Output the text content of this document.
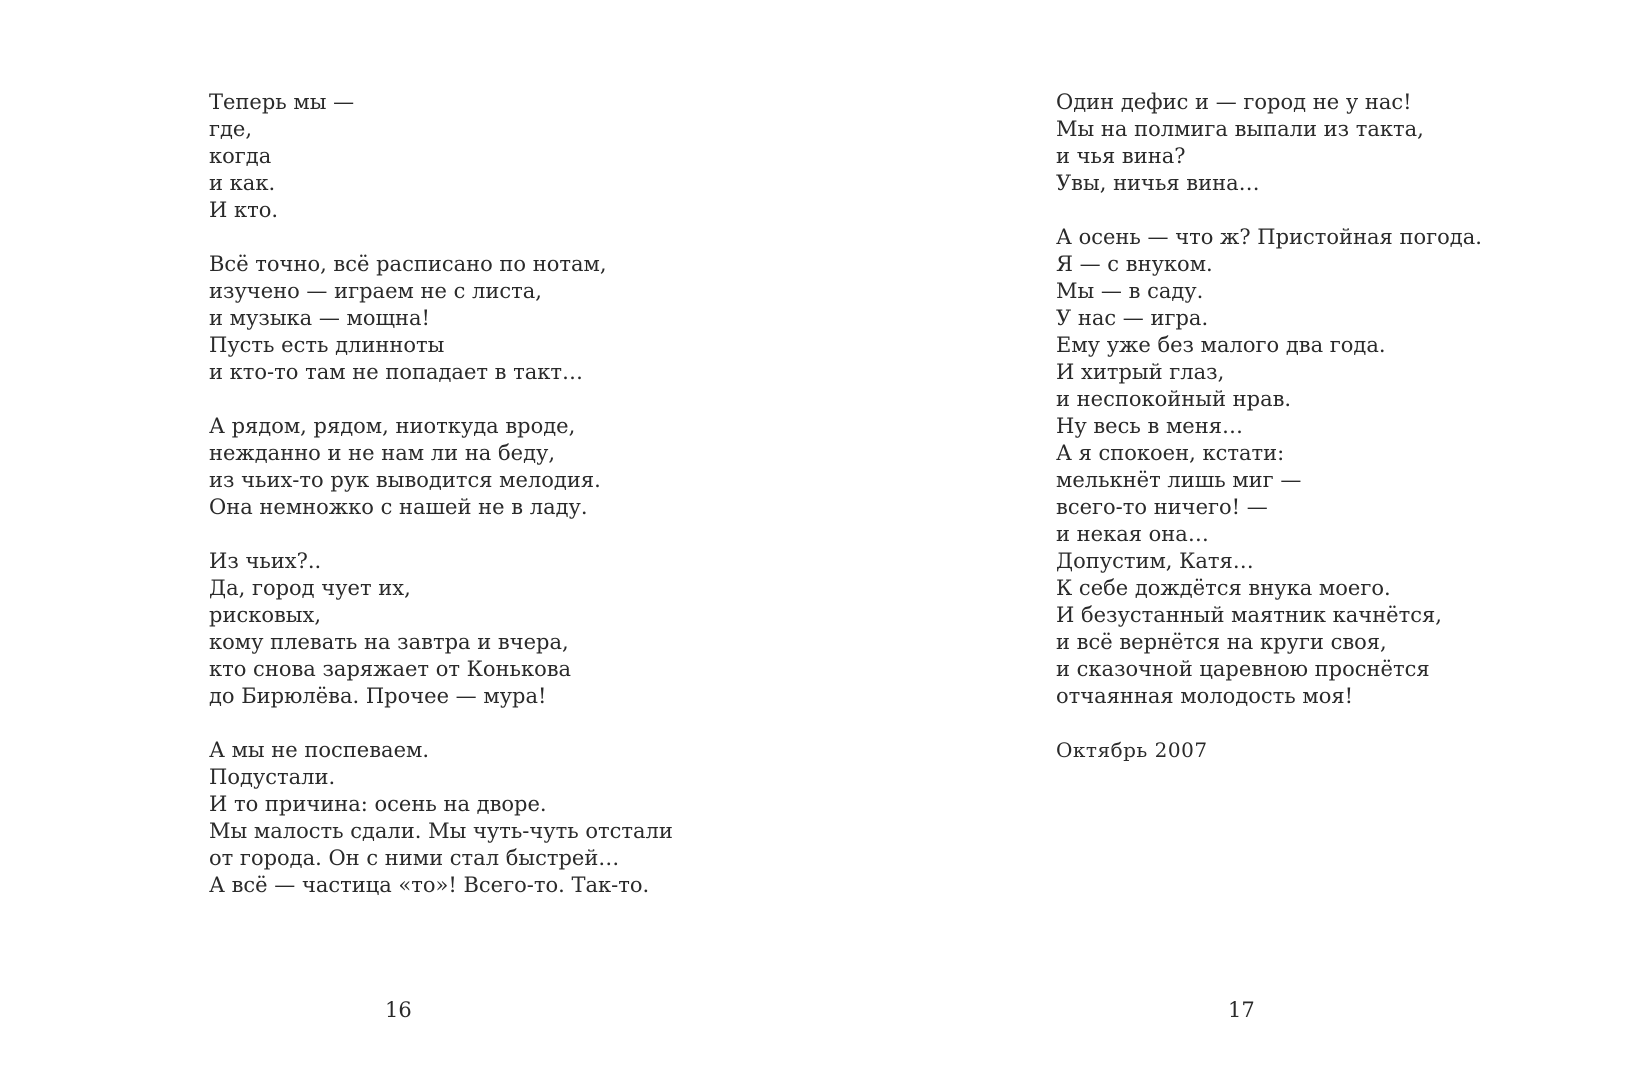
Теперь мы —
где,
когда
и как.
И кто.
Всё точно, всё расписано по нотам,
изучено — играем не с листа,
и музыка — мощна!
Пусть есть длинноты
и кто-то там не попадает в такт…
А рядом, рядом, ниоткуда вроде,
нежданно и не нам ли на беду,
из чьих-то рук выводится мелодия.
Она немножко с нашей не в ладу.
Из чьих?..
Да, город чует их,
рисковых,
кому плевать на завтра и вчера,
кто снова заряжает от Конькова
до Бирюлёва. Прочее — мура!
А мы не поспеваем.
Подустали.
И то причина: осень на дворе.
Мы малость сдали. Мы чуть-чуть отстали
от города. Он с ними стал быстрей…
А всё — частица «то»! Всего-то. Так-то.
16
Один дефис и — город не у нас!
Мы на полмига выпали из такта,
и чья вина?
Увы, ничья вина…
А осень — что ж? Пристойная погода.
Я — с внуком.
Мы — в саду.
У нас — игра.
Ему уже без малого два года.
И хитрый глаз,
и неспокойный нрав.
Ну весь в меня…
А я спокоен, кстати:
мелькнёт лишь миг —
всего-то ничего! —
и некая она…
Допустим, Катя…
К себе дождётся внука моего.
И безустанный маятник качнётся,
и всё вернётся на круги своя,
и сказочной царевною проснётся
отчаянная молодость моя!
Октябрь 2007
17
